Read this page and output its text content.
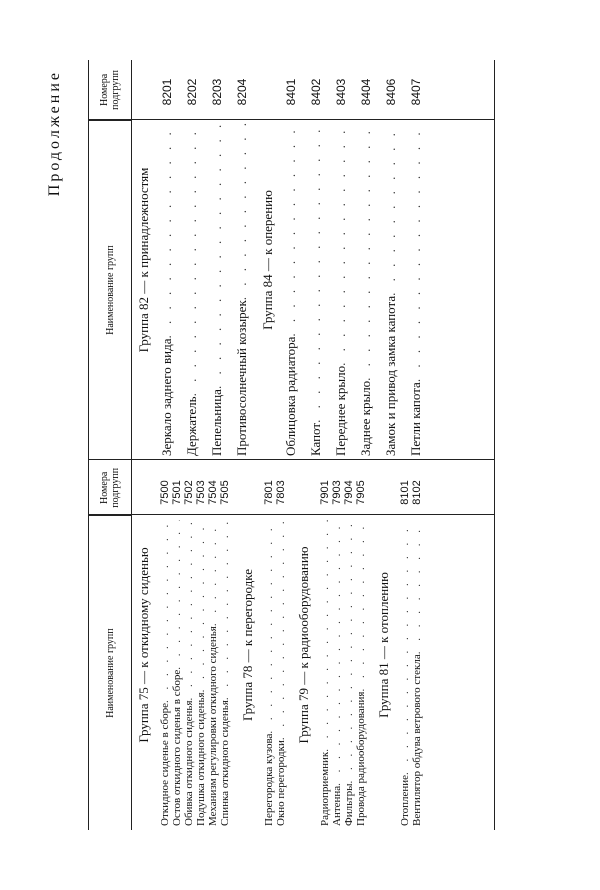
Продолжение
Наименование групп
Номера подгрупп
Наименование групп
Номера подгрупп
Группа 75 — к откидному сиденью
Откидное сиденье в сборе
. . .
7500
Остов откидного сиденья в сборе
. . .
7501
Обивка откидного сиденья
. . .
7502
Подушка откидного сиденья
. . .
7503
Механизм регулировки откидного сиденья
. . .
7504
Спинка откидного сиденья
. . .
7505
Группа 78 — к перегородке
Перегородка кузова
. . .
7801
Окно перегородки
. . .
7803
Группа 79 — к радиооборудованию
Радиоприемник
. . .
7901
Антенна
. . .
7903
Фильтры
. . .
7904
Провода радиооборудования
. . .
7905
Группа 81 — к отоплению
Отопление
. . .
8101
Вентилятор обдува ветрового стекла
. . .
8102
Группа 82 — к принадлежностям
Зеркало заднего вида
. . .
8201
Держатель
. . .
8202
Пепельница
. . .
8203
Противосолнечный козырек
. . .
8204
Группа 84 — к оперению
Облицовка радиатора
. . .
8401
Капот
. . .
8402
Переднее крыло
. . .
8403
Заднее крыло
. . .
8404
Замок и привод замка капота
. . .
8406
Петли капота
. . .
8407
